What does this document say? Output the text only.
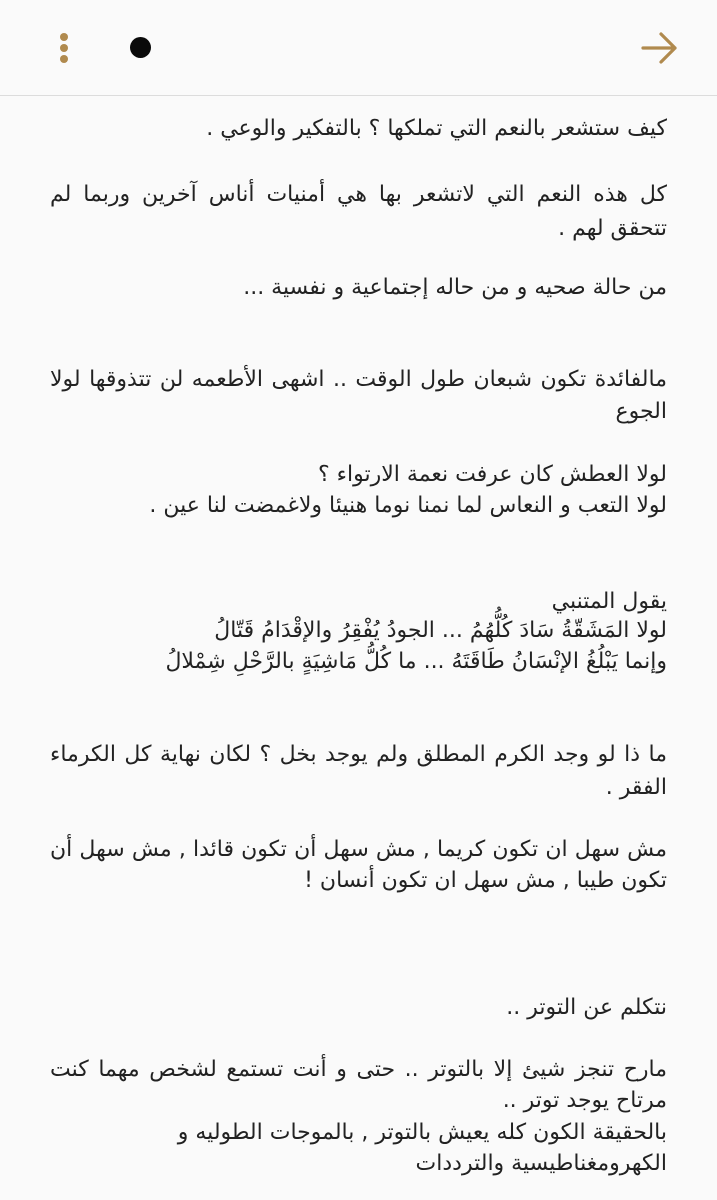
كيف ستشعر بالنعم التي تملكها ؟ بالتفكير والوعي .
كل هذه النعم التي لاتشعر بها هي أمنيات أناس آخرين وربما لم
تتحقق لهم .
من حالة صحيه و من حاله إجتماعية و نفسية ...
مالفائدة تكون شبعان طول الوقت .. اشهى الأطعمه لن تتذوقها لولا
الجوع
لولا العطش كان عرفت نعمة الارتواء ؟
لولا التعب و النعاس لما نمنا نوما هنيئا ولاغمضت لنا عين .
يقول المتنبي
لولا المَشَقّةُ سَادَ كُلُّهُمُ ... الجودُ يُفْقِرُ والإقْدَامُ قَتّالُ
وإنما يَبْلُغُ الإنْسَانُ طَاقَتَهُ ... ما كُلُّ مَاشِيَةٍ بالرَّحْلِ شِمْلالُ
ما ذا لو وجد الكرم المطلق ولم يوجد بخل ؟ لكان نهاية كل الكرماء
الفقر .
مش سهل ان تكون كريما , مش سهل أن تكون قائدا , مش سهل أن
تكون طيبا , مش سهل ان تكون أنسان !
نتكلم عن التوتر ..
مارح تنجز شيئ إلا بالتوتر .. حتى و أنت تستمع لشخص مهما كنت
مرتاح يوجد توتر ..
بالحقيقة الكون كله يعيش بالتوتر , بالموجات الطوليه و
الكهرومغناطيسية والترددات
